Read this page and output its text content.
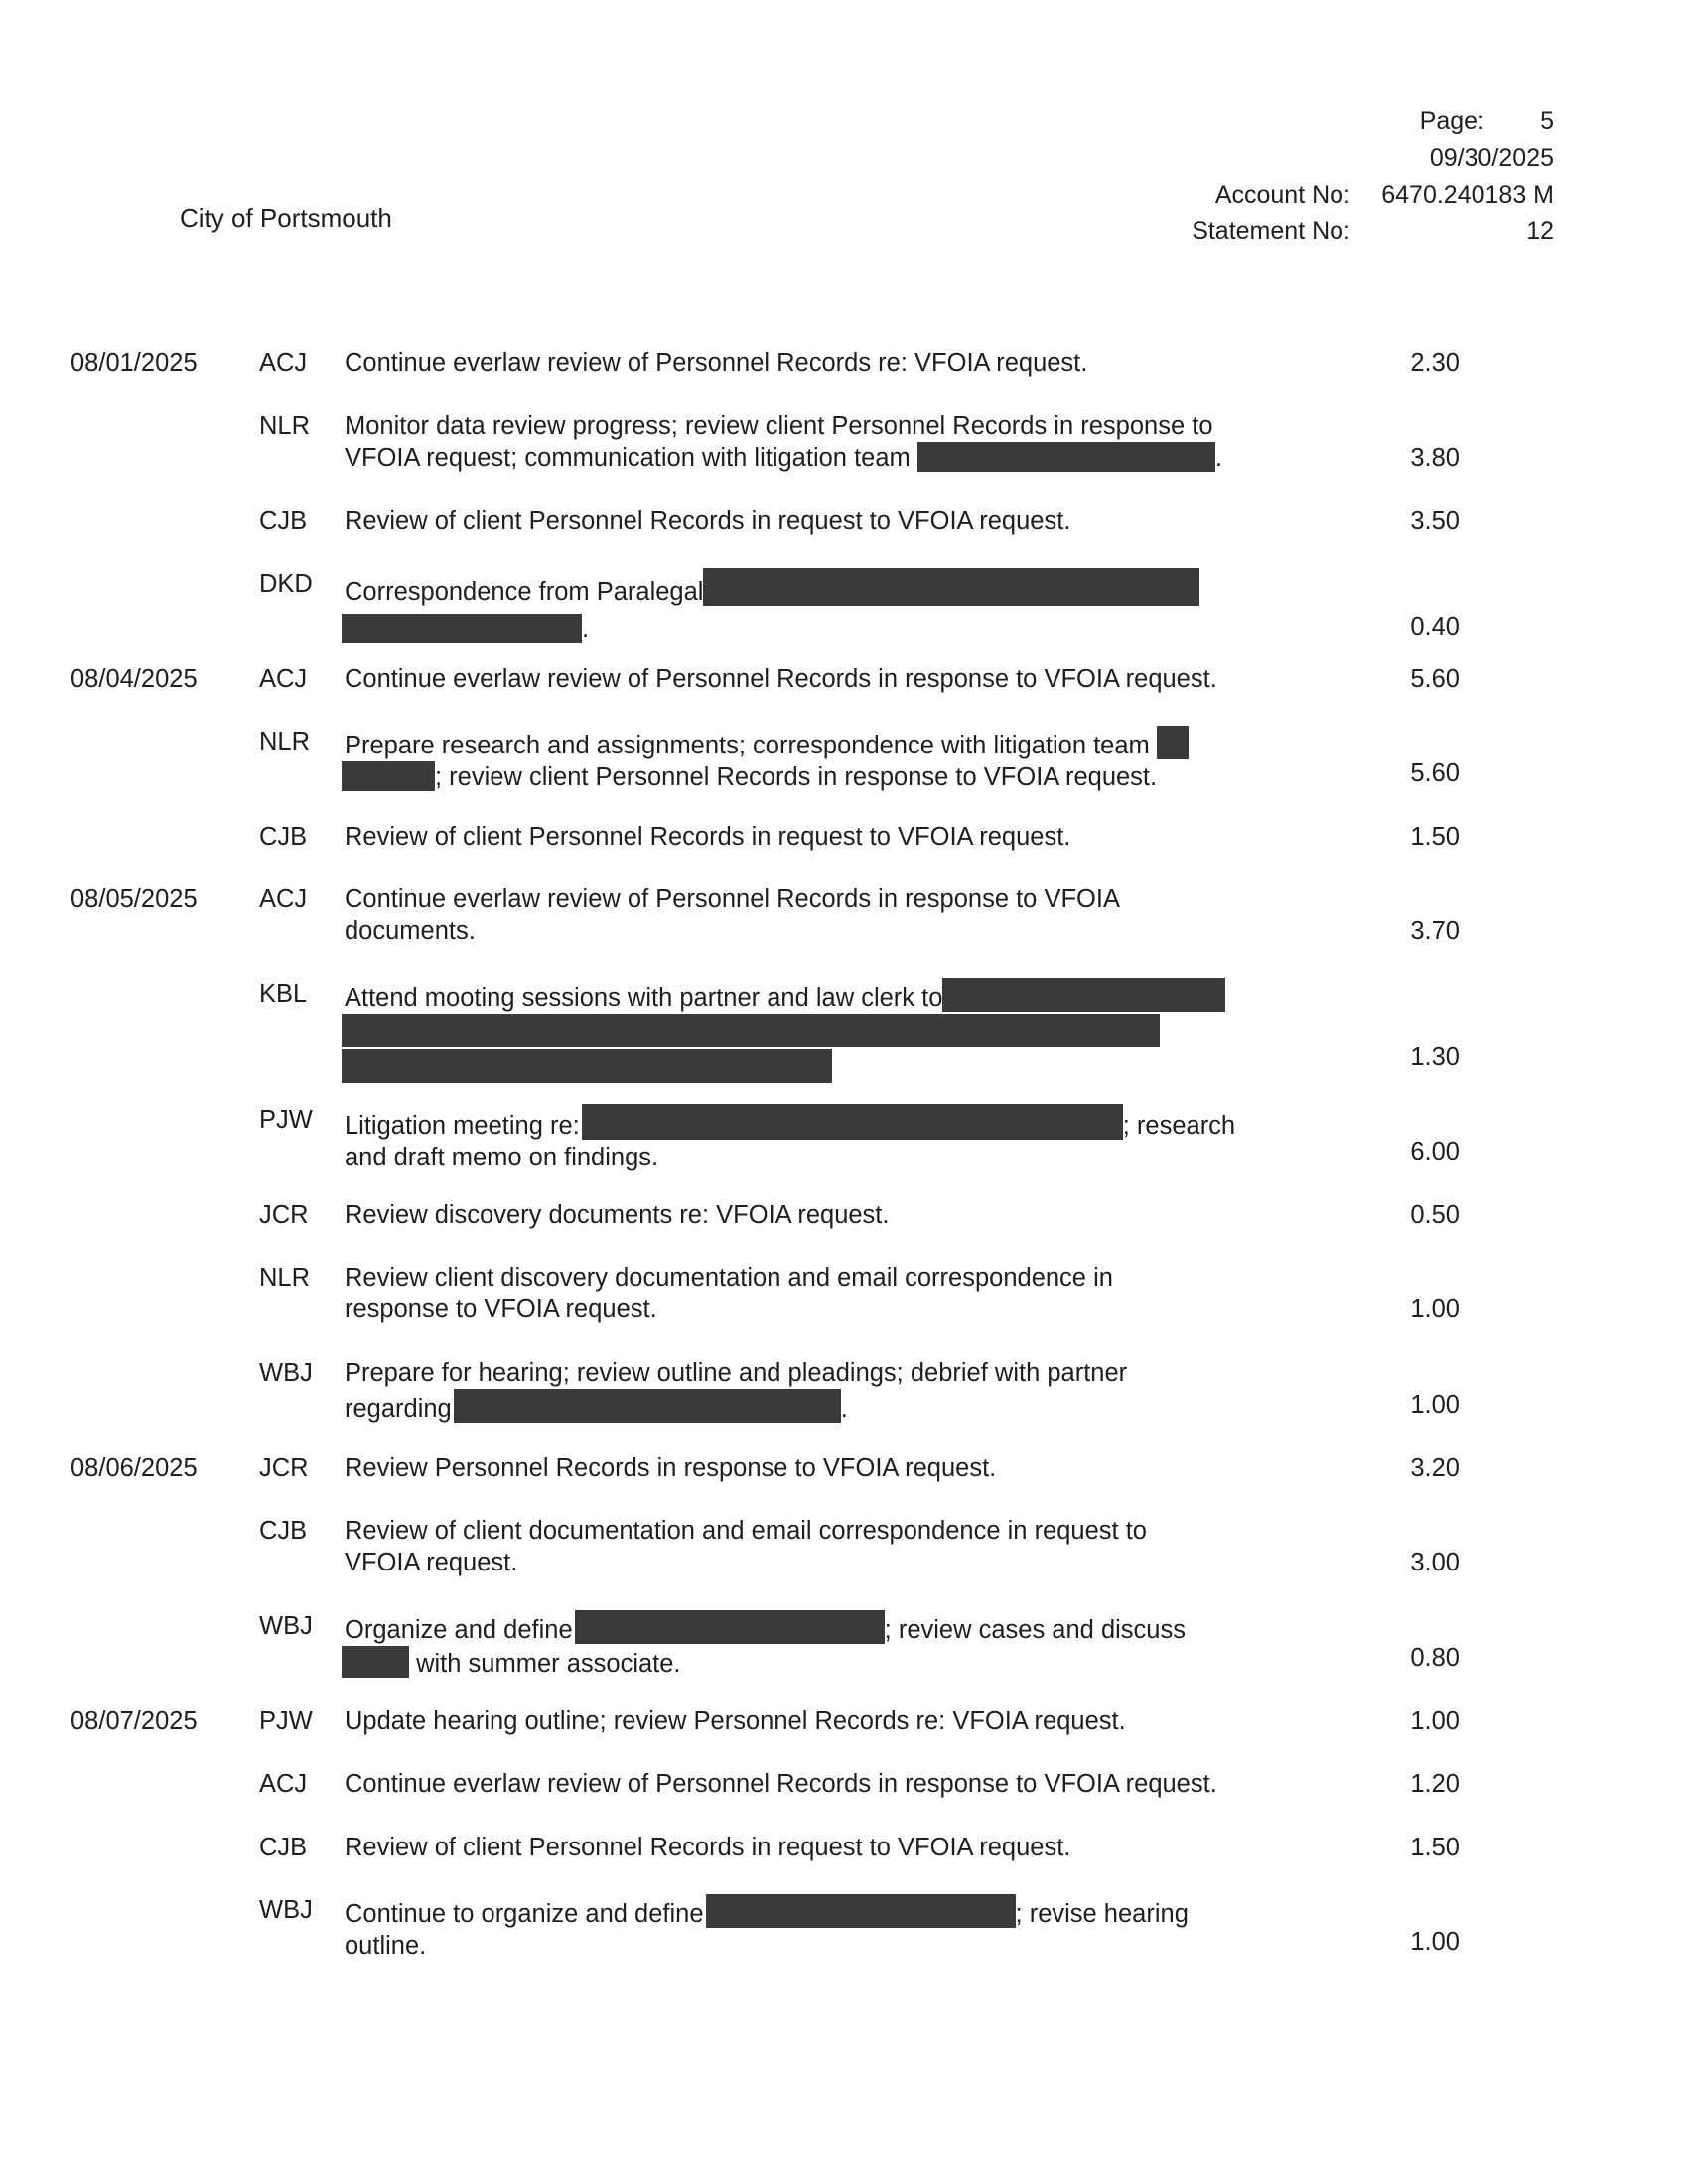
Page:	5
09/30/2025
Account No:	6470.240183 M
Statement No:	12
City of Portsmouth
08/01/2025 ACJ Continue everlaw review of Personnel Records re: VFOIA request.	2.30
NLR Monitor data review progress; review client Personnel Records in response to
VFOIA request; communication with litigation team	.	3.80
CJB Review of client Personnel Records in request to VFOIA request.	3.50
DKD Correspondence from Paralegal
.	0.40
08/04/2025 ACJ Continue everlaw review of Personnel Records in response to VFOIA request.	5.60
NLR Prepare research and assignments; correspondence with litigation team
; review client Personnel Records in response to VFOIA request.	5.60
CJB Review of client Personnel Records in request to VFOIA request.	1.50
08/05/2025 ACJ Continue everlaw review of Personnel Records in response to VFOIA
documents.	3.70
KBL Attend mooting sessions with partner and law clerk to
1.30
PJW Litigation meeting re:	; research
and draft memo on findings.	6.00
JCR Review discovery documents re: VFOIA request.	0.50
NLR Review client discovery documentation and email correspondence in
response to VFOIA request.	1.00
WBJ Prepare for hearing; review outline and pleadings; debrief with partner
regarding	.	1.00
08/06/2025 JCR Review Personnel Records in response to VFOIA request.	3.20
CJB Review of client documentation and email correspondence in request to
VFOIA request.	3.00
WBJ Organize and define	; review cases and discuss
with summer associate.	0.80
08/07/2025 PJW Update hearing outline; review Personnel Records re: VFOIA request.	1.00
ACJ Continue everlaw review of Personnel Records in response to VFOIA request.	1.20
CJB Review of client Personnel Records in request to VFOIA request.	1.50
WBJ Continue to organize and define	; revise hearing
outline.	1.00
